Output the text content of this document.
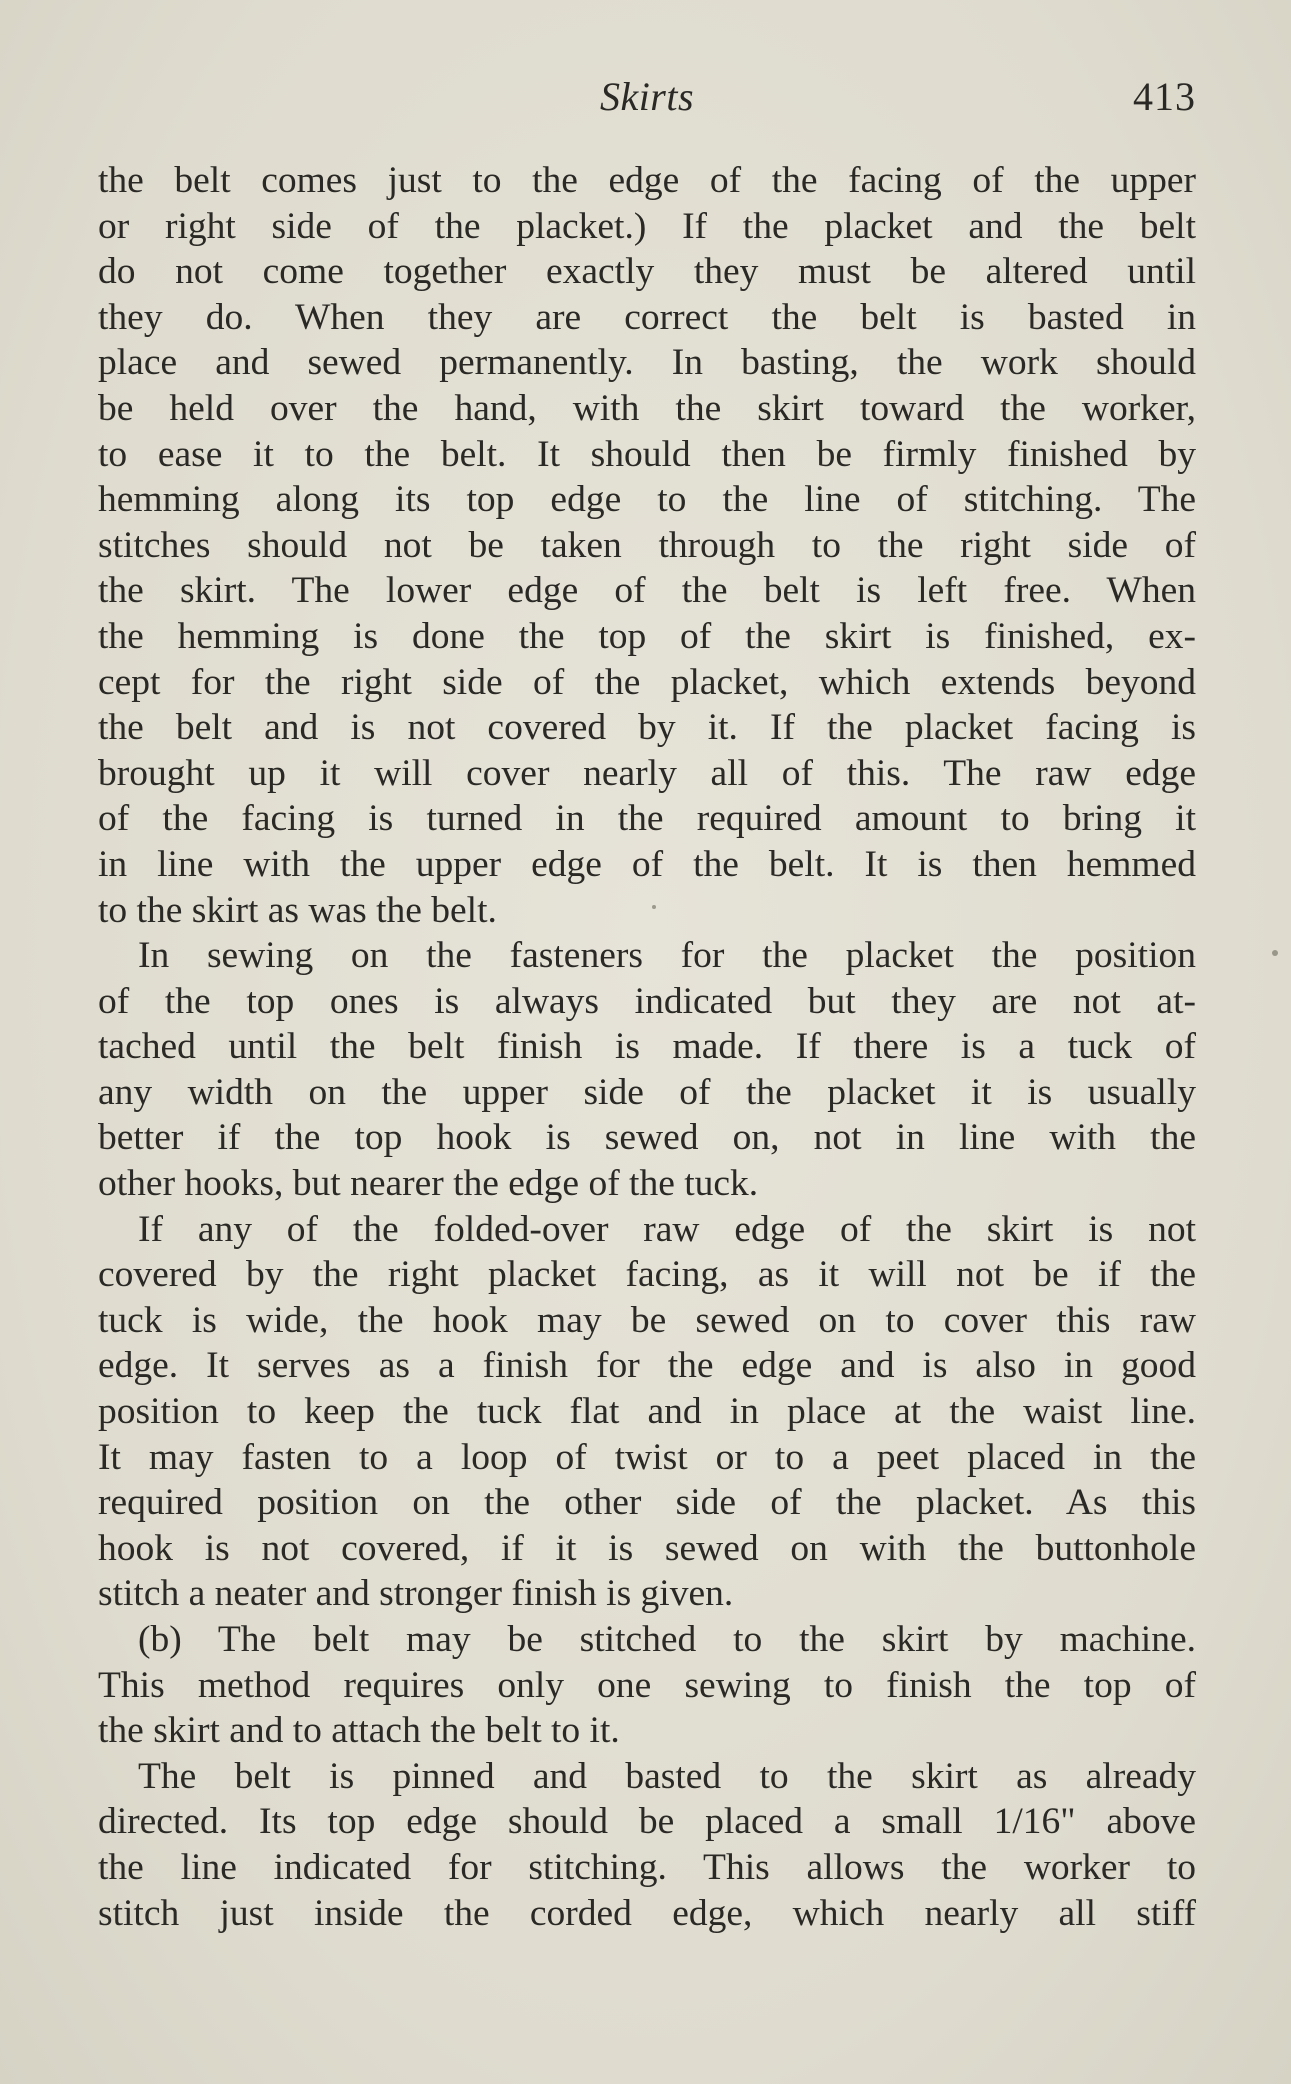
Skirts	413
the belt comes just to the edge of the facing of the upper
or right side of the placket.) If the placket and the belt
do not come together exactly they must be altered until
they do. When they are correct the belt is basted in
place and sewed permanently. In basting, the work should
be held over the hand, with the skirt toward the worker,
to ease it to the belt. It should then be firmly finished by
hemming along its top edge to the line of stitching. The
stitches should not be taken through to the right side of
the skirt. The lower edge of the belt is left free. When
the hemming is done the top of the skirt is finished, ex-
cept for the right side of the placket, which extends beyond
the belt and is not covered by it. If the placket facing is
brought up it will cover nearly all of this. The raw edge
of the facing is turned in the required amount to bring it
in line with the upper edge of the belt. It is then hemmed
to the skirt as was the belt.
In sewing on the fasteners for the placket the position
of the top ones is always indicated but they are not at-
tached until the belt finish is made. If there is a tuck of
any width on the upper side of the placket it is usually
better if the top hook is sewed on, not in line with the
other hooks, but nearer the edge of the tuck.
If any of the folded-over raw edge of the skirt is not
covered by the right placket facing, as it will not be if the
tuck is wide, the hook may be sewed on to cover this raw
edge. It serves as a finish for the edge and is also in good
position to keep the tuck flat and in place at the waist line.
It may fasten to a loop of twist or to a peet placed in the
required position on the other side of the placket. As this
hook is not covered, if it is sewed on with the buttonhole
stitch a neater and stronger finish is given.
(b) The belt may be stitched to the skirt by machine.
This method requires only one sewing to finish the top of
the skirt and to attach the belt to it.
The belt is pinned and basted to the skirt as already
directed. Its top edge should be placed a small 1/16" above
the line indicated for stitching. This allows the worker to
stitch just inside the corded edge, which nearly all stiff
